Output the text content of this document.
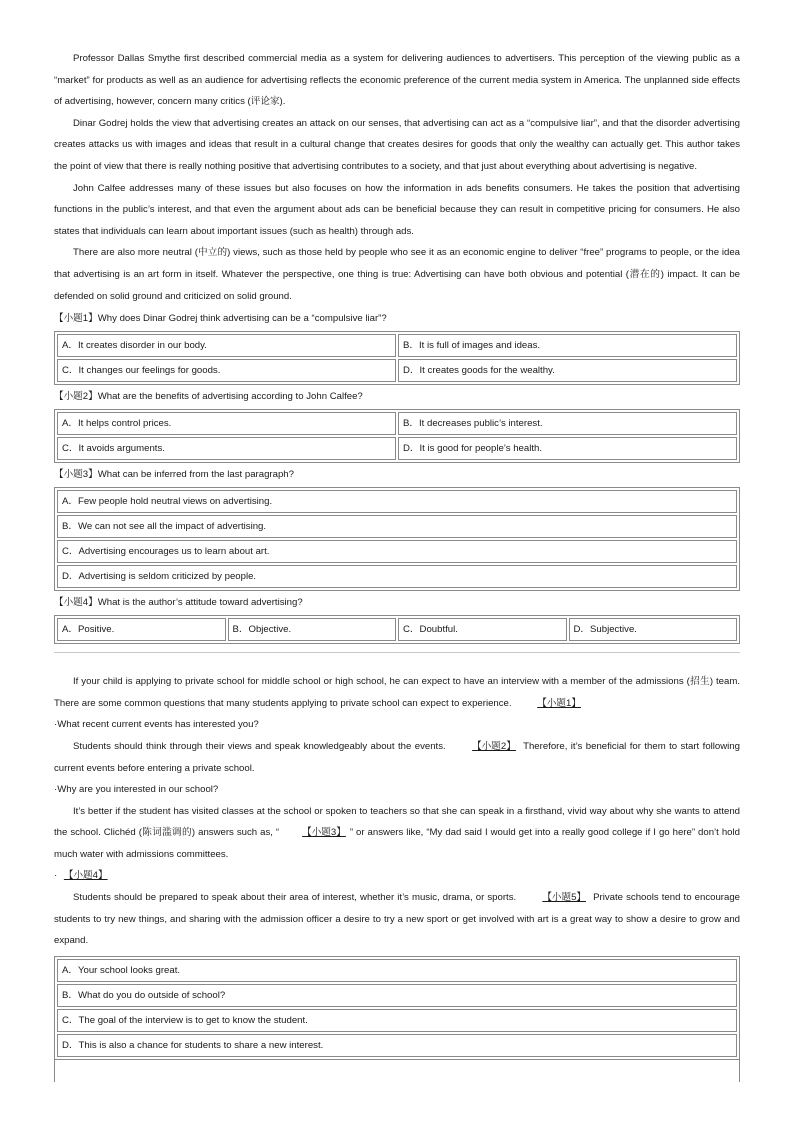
Professor Dallas Smythe first described commercial media as a system for delivering audiences to advertisers. This perception of the viewing public as a “market” for products as well as an audience for advertising reflects the economic preference of the current media system in America. The unplanned side effects of advertising, however, concern many critics (评论家).

Dinar Godrej holds the view that advertising creates an attack on our senses, that advertising can act as a “compulsive liar”, and that the disorder advertising creates attacks us with images and ideas that result in a cultural change that creates desires for goods that only the wealthy can actually get. This author takes the point of view that there is really nothing positive that advertising contributes to a society, and that just about everything about advertising is negative.

John Calfee addresses many of these issues but also focuses on how the information in ads benefits consumers. He takes the position that advertising functions in the public’s interest, and that even the argument about ads can be beneficial because they can result in competitive pricing for consumers. He also states that individuals can learn about important issues (such as health) through ads.

There are also more neutral (中立的) views, such as those held by people who see it as an economic engine to deliver “free” programs to people, or the idea that advertising is an art form in itself. Whatever the perspective, one thing is true: Advertising can have both obvious and potential (潜在的) impact. It can be defended on solid ground and criticized on solid ground.

【小题1】Why does Dinar Godrej think advertising can be a “compulsive liar”?

A．It creates disorder in our body.	B．It is full of images and ideas.
C．It changes our feelings for goods.	D．It creates goods for the wealthy.

【小题2】What are the benefits of advertising according to John Calfee?

A．It helps control prices.	B．It decreases public’s interest.
C．It avoids arguments.	D．It is good for people’s health.

【小题3】What can be inferred from the last paragraph?

A．Few people hold neutral views on advertising.
B．We can not see all the impact of advertising.
C．Advertising encourages us to learn about art.
D．Advertising is seldom criticized by people.

【小题4】What is the author’s attitude toward advertising?

A．Positive.	B．Objective.	C．Doubtful.	D．Subjective.

If your child is applying to private school for middle school or high school, he can expect to have an interview with a member of the admissions (招生) team. There are some common questions that many students applying to private school can expect to experience.	【小题1】

·What recent current events has interested you?

Students should think through their views and speak knowledgeably about the events.	【小题2】 Therefore, it’s beneficial for them to start following current events before entering a private school.

·Why are you interested in our school?

It’s better if the student has visited classes at the school or spoken to teachers so that she can speak in a firsthand, vivid way about why she wants to attend the school. Clichéd (陈词滥调的) answers such as, “ 【小题3】 ” or answers like, “My dad said I would get into a really good college if I go here” don’t hold much water with admissions committees.

· 【小题4】

Students should be prepared to speak about their area of interest, whether it’s music, drama, or sports.	【小题5】 Private schools tend to encourage students to try new things, and sharing with the admission officer a desire to try a new sport or get involved with art is a great way to show a desire to grow and expand.

A．Your school looks great.
B．What do you do outside of school?
C．The goal of the interview is to get to know the student.
D．This is also a chance for students to share a new interest.
